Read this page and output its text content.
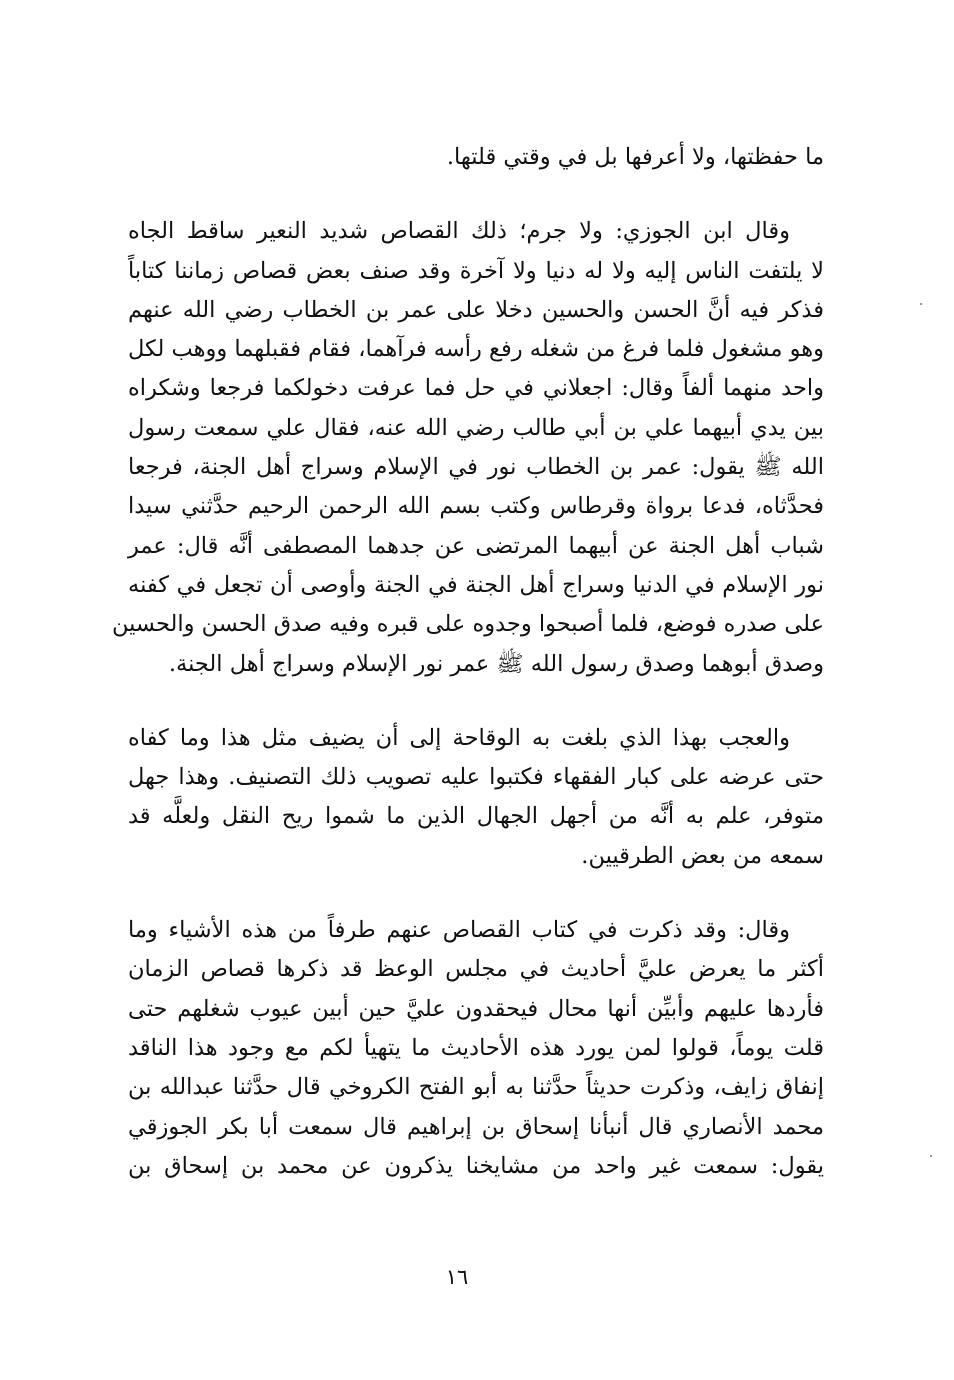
ما حفظتها، ولا أعرفها بل في وقتي قلتها.
وقال ابن الجوزي: ولا جرم؛ ذلك القصاص شديد النعير ساقط الجاه
لا يلتفت الناس إليه ولا له دنيا ولا آخرة وقد صنف بعض قصاص زماننا كتاباً
فذكر فيه أنَّ الحسن والحسين دخلا على عمر بن الخطاب رضي الله عنهم
وهو مشغول فلما فرغ من شغله رفع رأسه فرآهما، فقام فقبلهما ووهب لكل
واحد منهما ألفاً وقال: اجعلاني في حل فما عرفت دخولكما فرجعا وشكراه
بين يدي أبيهما علي بن أبي طالب رضي الله عنه، فقال علي سمعت رسول
الله ﷺ يقول: عمر بن الخطاب نور في الإسلام وسراج أهل الجنة، فرجعا
فحدَّثاه، فدعا برواة وقرطاس وكتب بسم الله الرحمن الرحيم حدَّثني سيدا
شباب أهل الجنة عن أبيهما المرتضى عن جدهما المصطفى أنَّه قال: عمر
نور الإسلام في الدنيا وسراج أهل الجنة في الجنة وأوصى أن تجعل في كفنه
على صدره فوضع، فلما أصبحوا وجدوه على قبره وفيه صدق الحسن والحسين
وصدق أبوهما وصدق رسول الله ﷺ عمر نور الإسلام وسراج أهل الجنة.
والعجب بهذا الذي بلغت به الوقاحة إلى أن يضيف مثل هذا وما كفاه
حتى عرضه على كبار الفقهاء فكتبوا عليه تصويب ذلك التصنيف. وهذا جهل
متوفر، علم به أنَّه من أجهل الجهال الذين ما شموا ريح النقل ولعلَّه قد
سمعه من بعض الطرقيين.
وقال: وقد ذكرت في كتاب القصاص عنهم طرفاً من هذه الأشياء وما
أكثر ما يعرض عليَّ أحاديث في مجلس الوعظ قد ذكرها قصاص الزمان
فأردها عليهم وأبيِّن أنها محال فيحقدون عليَّ حين أبين عيوب شغلهم حتى
قلت يوماً، قولوا لمن يورد هذه الأحاديث ما يتهيأ لكم مع وجود هذا الناقد
إنفاق زايف، وذكرت حديثاً حدَّثنا به أبو الفتح الكروخي قال حدَّثنا عبدالله بن
محمد الأنصاري قال أنبأنا إسحاق بن إبراهيم قال سمعت أبا بكر الجوزقي
يقول: سمعت غير واحد من مشايخنا يذكرون عن محمد بن إسحاق بن
١٦
